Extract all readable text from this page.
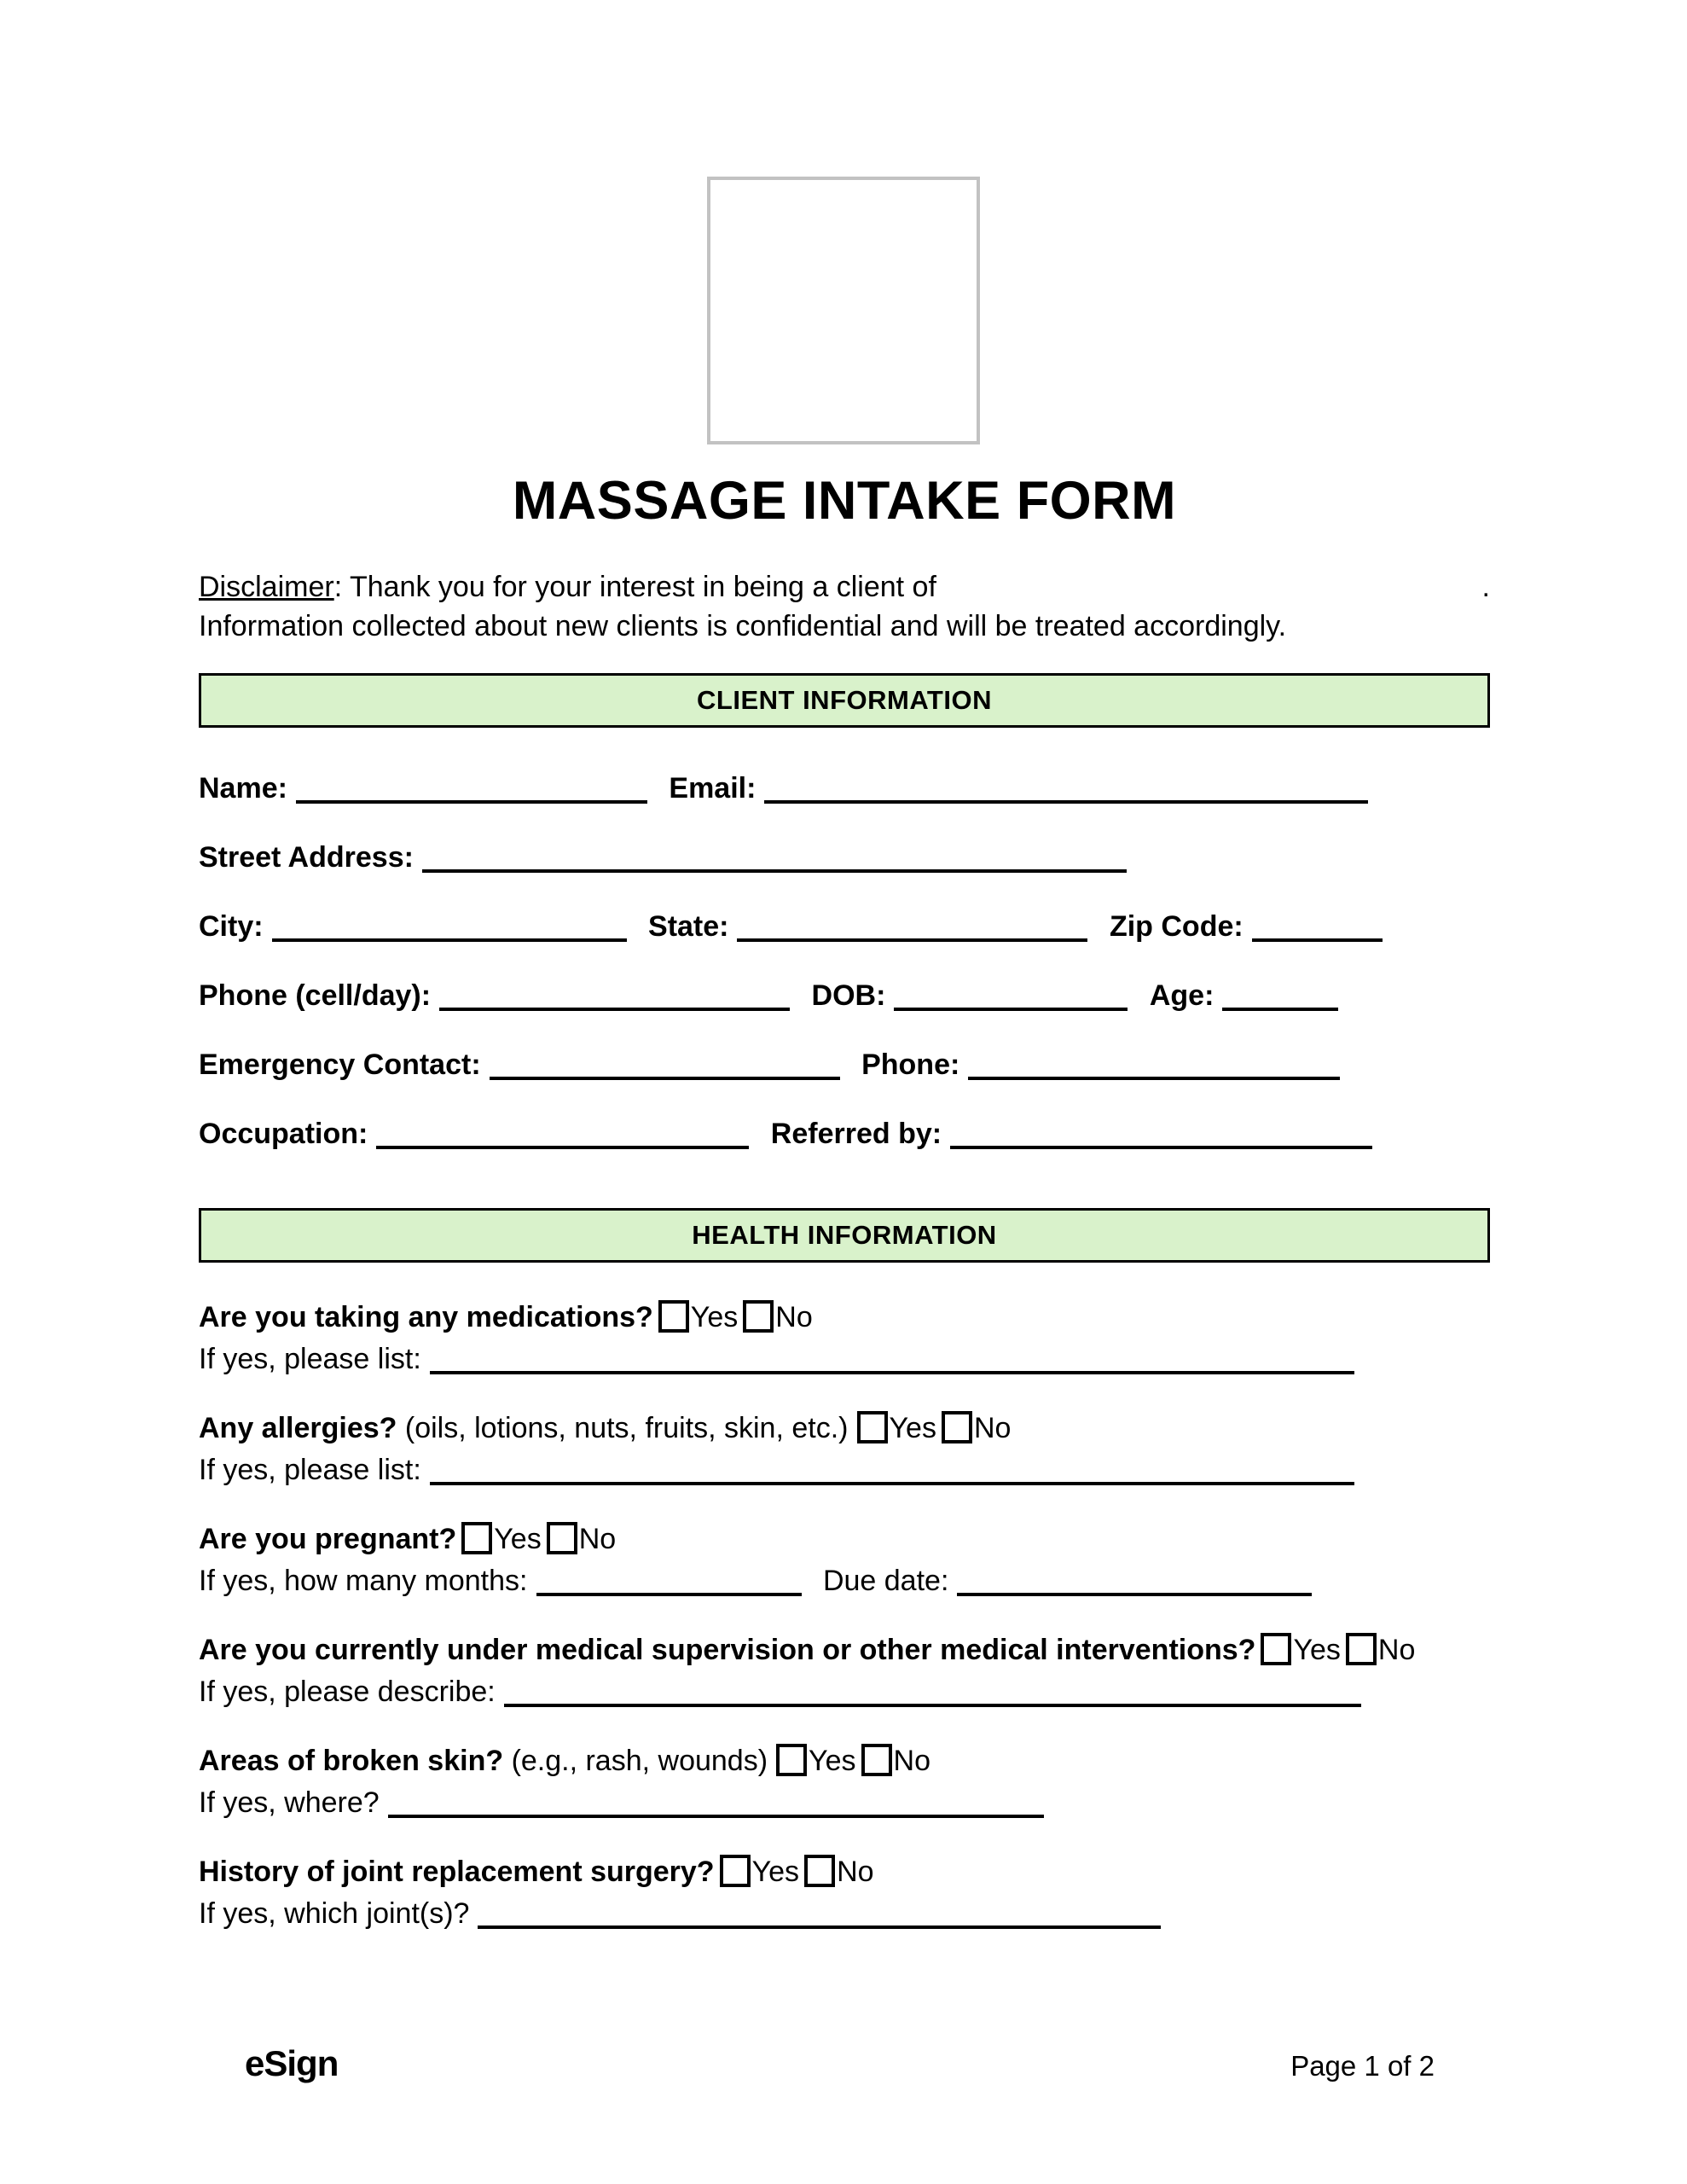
MASSAGE INTAKE FORM
Disclaimer: Thank you for your interest in being a client of	.
Information collected about new clients is confidential and will be treated accordingly.
CLIENT INFORMATION
Name:	Email:
Street Address:
City:	State:	Zip Code:
Phone (cell/day):	DOB:	Age:
Emergency Contact:	Phone:
Occupation:	Referred by:
HEALTH INFORMATION
Are you taking any medications? Yes No
If yes, please list:
Any allergies? (oils, lotions, nuts, fruits, skin, etc.) Yes No
If yes, please list:
Are you pregnant? Yes No
If yes, how many months:	Due date:
Are you currently under medical supervision or other medical interventions? Yes No
If yes, please describe:
Areas of broken skin? (e.g., rash, wounds) Yes No
If yes, where?
History of joint replacement surgery? Yes No
If yes, which joint(s)?
eSign	Page 1 of 2
